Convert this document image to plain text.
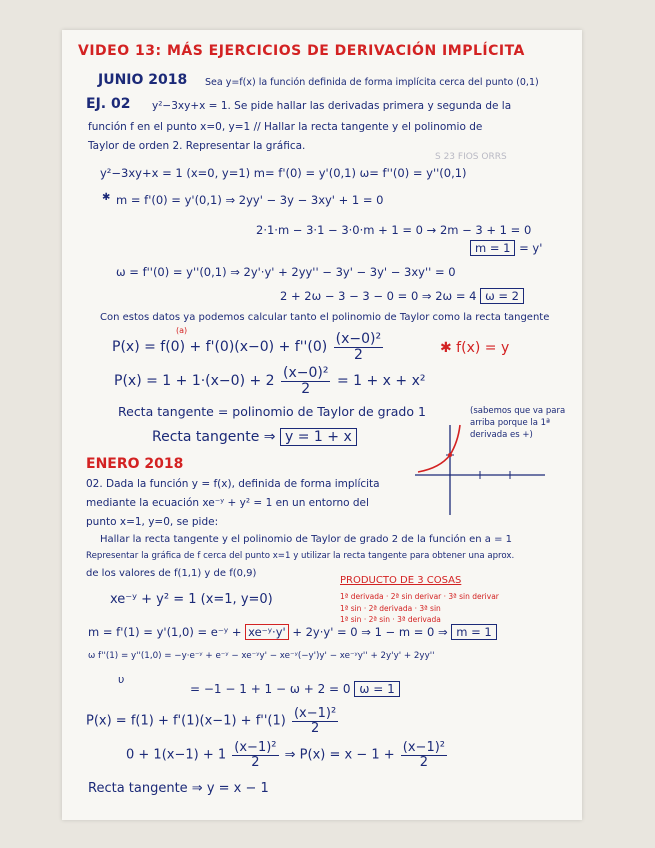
VIDEO 13: MÁS EJERCICIOS DE DERIVACIÓN IMPLÍCITA
JUNIO 2018 Sea y=f(x) la función definida de forma implícita cerca del punto (0,1)
EJ. 02 y²−3xy+x = 1. Se pide hallar las derivadas primera y segunda de la
función f en el punto x=0, y=1 // Hallar la recta tangente y el polinomio de
Taylor de orden 2. Representar la gráfica.
S 23 FIOS ORRS
y²−3xy+x = 1 (x=0, y=1) m= f'(0) = y'(0,1) ω= f''(0) = y''(0,1)
✱ m = f'(0) = y'(0,1) ⇒ 2yy' − 3y − 3xy' + 1 = 0
2·1·m − 3·1 − 3·0·m + 1 = 0 → 2m − 3 + 1 = 0
m = 1 = y'
ω = f''(0) = y''(0,1) ⇒ 2y'·y' + 2yy'' − 3y' − 3y' − 3xy'' = 0
2 + 2ω − 3 − 3 − 0 = 0 ⇒ 2ω = 4 ω = 2
Con estos datos ya podemos calcular tanto el polinomio de Taylor como la recta tangente
$P(x) = f(0) + f'(0)(x-0) + f''(0) \frac{\text{(x−0)²}}{2}$
(a)
✱ f(x) = y
$P(x) = 1 + 1\cdot(x-0) + 2 \frac{\text{(x−0)²}}{2} = 1 + x + x^2$
Recta tangente = polinomio de Taylor de grado 1
Recta tangente ⇒ y = 1 + x
(sabemos que va para
arriba porque la 1ª
derivada es +)
ENERO 2018
02. Dada la función y = f(x), definida de forma implícita
mediante la ecuación xe⁻ʸ + y² = 1 en un entorno del
punto x=1, y=0, se pide:
Hallar la recta tangente y el polinomio de Taylor de grado 2 de la función en a = 1
Representar la gráfica de f cerca del punto x=1 y utilizar la recta tangente para obtener una aprox.
de los valores de f(1,1) y de f(0,9)
PRODUCTO DE 3 COSAS
1ª derivada · 2ª sin derivar · 3ª sin derivar
1ª sin · 2ª derivada · 3ª sin
1ª sin · 2ª sin · 3ª derivada
xe⁻ʸ + y² = 1 (x=1, y=0)
m = f'(1) = y'(1,0) = e⁻ʸ + xe⁻ʸ·y' + 2y·y' = 0 ⇒ 1 − m = 0 ⇒ m = 1
ω f''(1) = y''(1,0) = −y·e⁻ʸ + e⁻ʸ − xe⁻ʸy' − xe⁻ʸ(−y')y' − xe⁻ʸy'' + 2y'y' + 2yy''
υ
= −1 − 1 + 1 − ω + 2 = 0 ω = 1
$P(x) = f(1) + f'(1)(x-1) + f''(1) \frac{\text{(x−1)²}}{2}$
$0 + 1(x-1) + 1 \frac{\text{(x−1)²}}{2}$ ⇒ $P(x) = x - 1 + \frac{\text{(x−1)²}}{2}$
Recta tangente ⇒ y = x − 1
